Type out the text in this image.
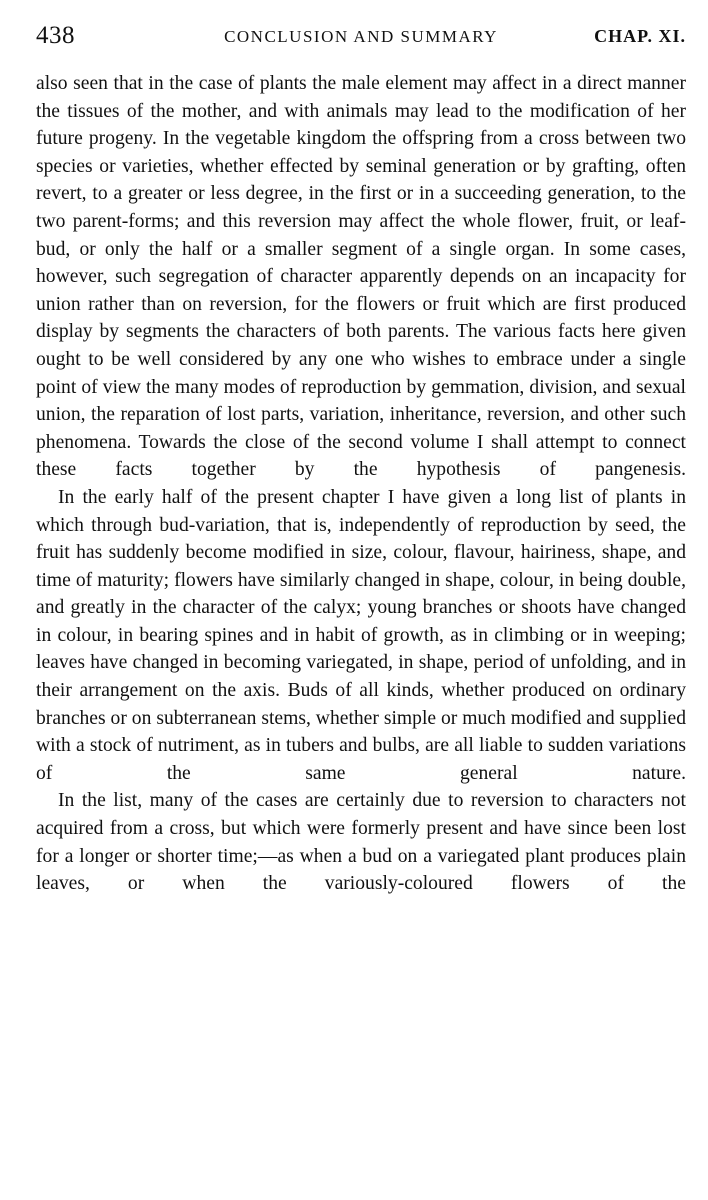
438	CONCLUSION AND SUMMARY	CHAP. XI.

also seen that in the case of plants the male element may affect in a direct manner the tissues of the mother, and with animals may lead to the modification of her future progeny. In the vegetable kingdom the offspring from a cross between two species or varieties, whether effected by seminal generation or by grafting, often revert, to a greater or less degree, in the first or in a succeeding generation, to the two parent-forms; and this reversion may affect the whole flower, fruit, or leaf-bud, or only the half or a smaller segment of a single organ. In some cases, however, such segregation of character apparently depends on an incapacity for union rather than on reversion, for the flowers or fruit which are first produced display by segments the characters of both parents. The various facts here given ought to be well considered by any one who wishes to embrace under a single point of view the many modes of reproduction by gemmation, division, and sexual union, the reparation of lost parts, variation, inheritance, reversion, and other such phenomena. Towards the close of the second volume I shall attempt to connect these facts together by the hypothesis of pangenesis.

In the early half of the present chapter I have given a long list of plants in which through bud-variation, that is, independently of reproduction by seed, the fruit has suddenly become modified in size, colour, flavour, hairiness, shape, and time of maturity; flowers have similarly changed in shape, colour, in being double, and greatly in the character of the calyx; young branches or shoots have changed in colour, in bearing spines and in habit of growth, as in climbing or in weeping; leaves have changed in becoming variegated, in shape, period of unfolding, and in their arrangement on the axis. Buds of all kinds, whether produced on ordinary branches or on subterranean stems, whether simple or much modified and supplied with a stock of nutriment, as in tubers and bulbs, are all liable to sudden variations of the same general nature.

In the list, many of the cases are certainly due to reversion to characters not acquired from a cross, but which were formerly present and have since been lost for a longer or shorter time;—as when a bud on a variegated plant produces plain leaves, or when the variously-coloured flowers of the
